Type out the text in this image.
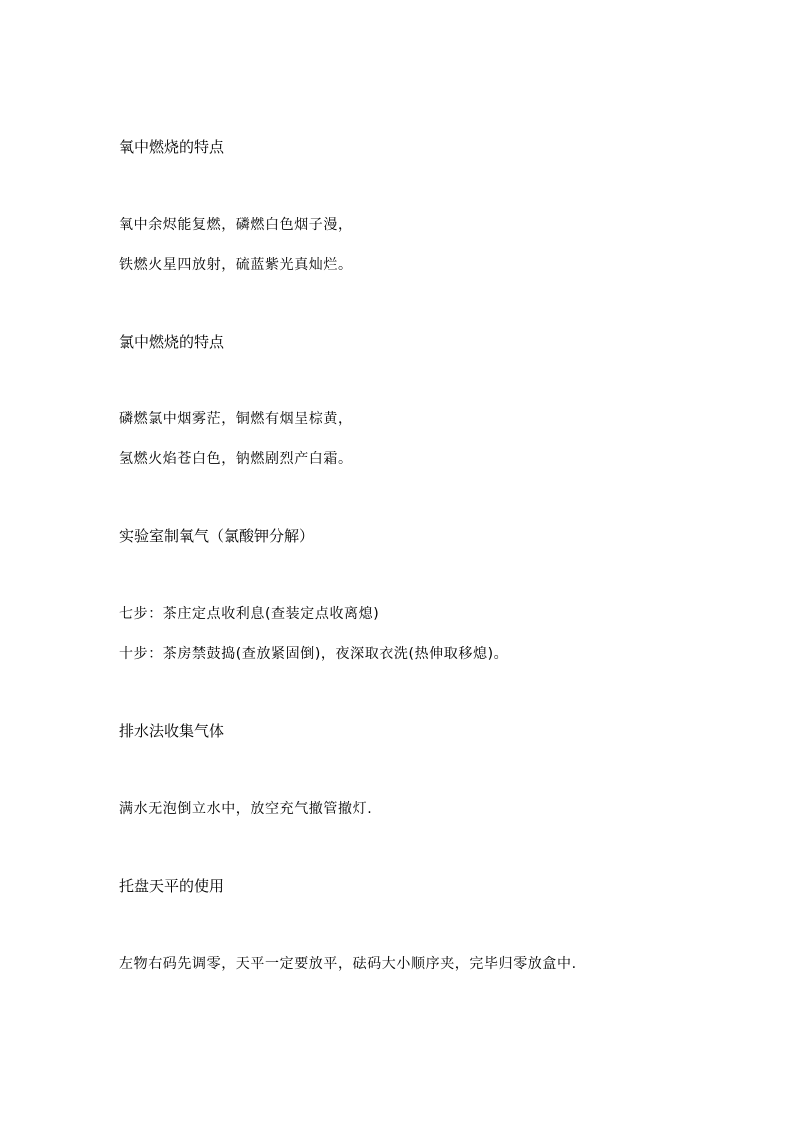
氧中燃烧的特点
氧中余烬能复燃，磷燃白色烟子漫，
铁燃火星四放射，硫蓝紫光真灿烂。
氯中燃烧的特点
磷燃氯中烟雾茫，铜燃有烟呈棕黄，
氢燃火焰苍白色，钠燃剧烈产白霜。
实验室制氧气（氯酸钾分解）
七步：茶庄定点收利息(查装定点收离熄)
十步：茶房禁鼓捣(查放紧固倒)，夜深取衣洗(热伸取移熄)。
排水法收集气体
满水无泡倒立水中，放空充气撤管撤灯.
托盘天平的使用
左物右码先调零，天平一定要放平，砝码大小顺序夹，完毕归零放盒中.
